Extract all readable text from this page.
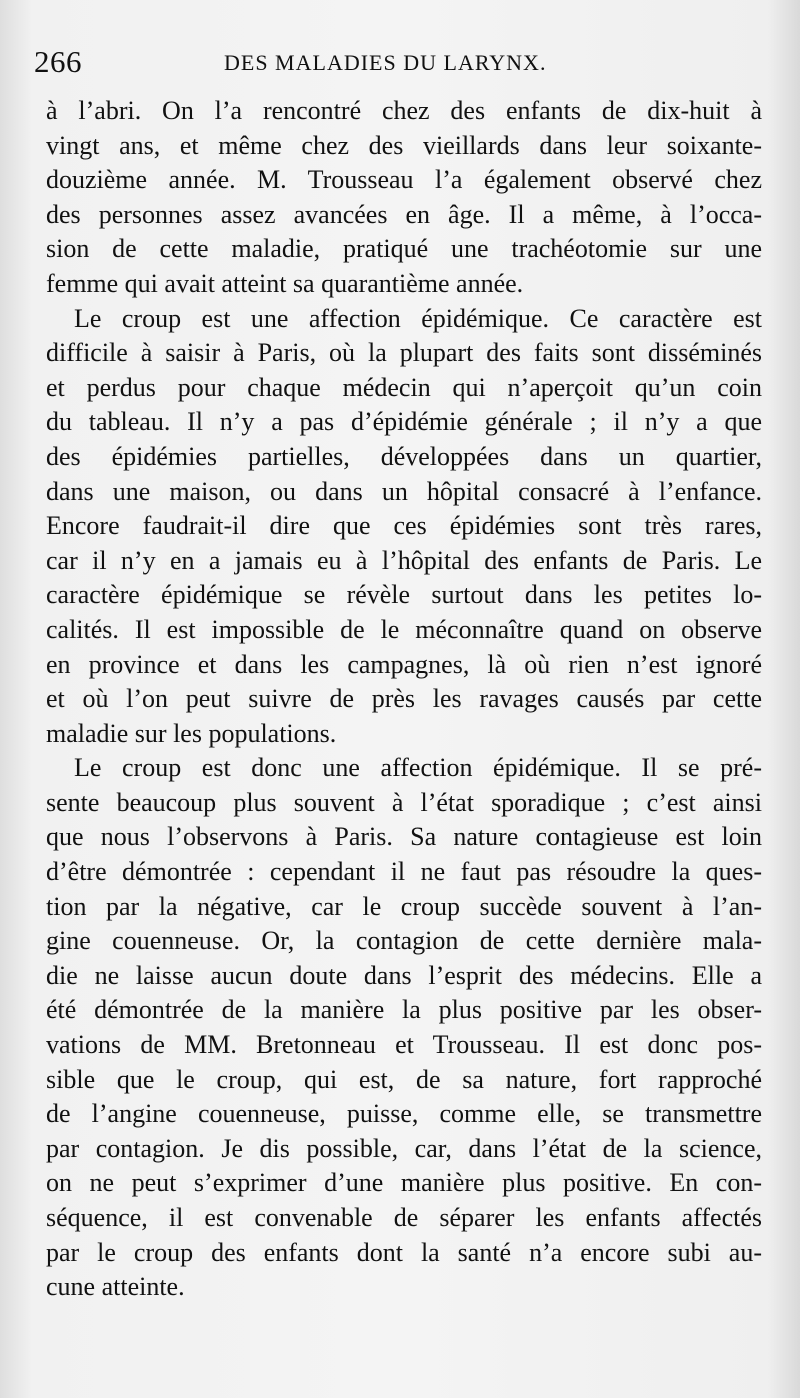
266	DES MALADIES DU LARYNX.
à l’abri. On l’a rencontré chez des enfants de dix-huit à
vingt ans, et même chez des vieillards dans leur soixante-
douzième année. M. Trousseau l’a également observé chez
des personnes assez avancées en âge. Il a même, à l’occa-
sion de cette maladie, pratiqué une trachéotomie sur une
femme qui avait atteint sa quarantième année.
Le croup est une affection épidémique. Ce caractère est
difficile à saisir à Paris, où la plupart des faits sont disséminés
et perdus pour chaque médecin qui n’aperçoit qu’un coin
du tableau. Il n’y a pas d’épidémie générale ; il n’y a que
des épidémies partielles, développées dans un quartier,
dans une maison, ou dans un hôpital consacré à l’enfance.
Encore faudrait-il dire que ces épidémies sont très rares,
car il n’y en a jamais eu à l’hôpital des enfants de Paris. Le
caractère épidémique se révèle surtout dans les petites lo-
calités. Il est impossible de le méconnaître quand on observe
en province et dans les campagnes, là où rien n’est ignoré
et où l’on peut suivre de près les ravages causés par cette
maladie sur les populations.
Le croup est donc une affection épidémique. Il se pré-
sente beaucoup plus souvent à l’état sporadique ; c’est ainsi
que nous l’observons à Paris. Sa nature contagieuse est loin
d’être démontrée : cependant il ne faut pas résoudre la ques-
tion par la négative, car le croup succède souvent à l’an-
gine couenneuse. Or, la contagion de cette dernière mala-
die ne laisse aucun doute dans l’esprit des médecins. Elle a
été démontrée de la manière la plus positive par les obser-
vations de MM. Bretonneau et Trousseau. Il est donc pos-
sible que le croup, qui est, de sa nature, fort rapproché
de l’angine couenneuse, puisse, comme elle, se transmettre
par contagion. Je dis possible, car, dans l’état de la science,
on ne peut s’exprimer d’une manière plus positive. En con-
séquence, il est convenable de séparer les enfants affectés
par le croup des enfants dont la santé n’a encore subi au-
cune atteinte.
